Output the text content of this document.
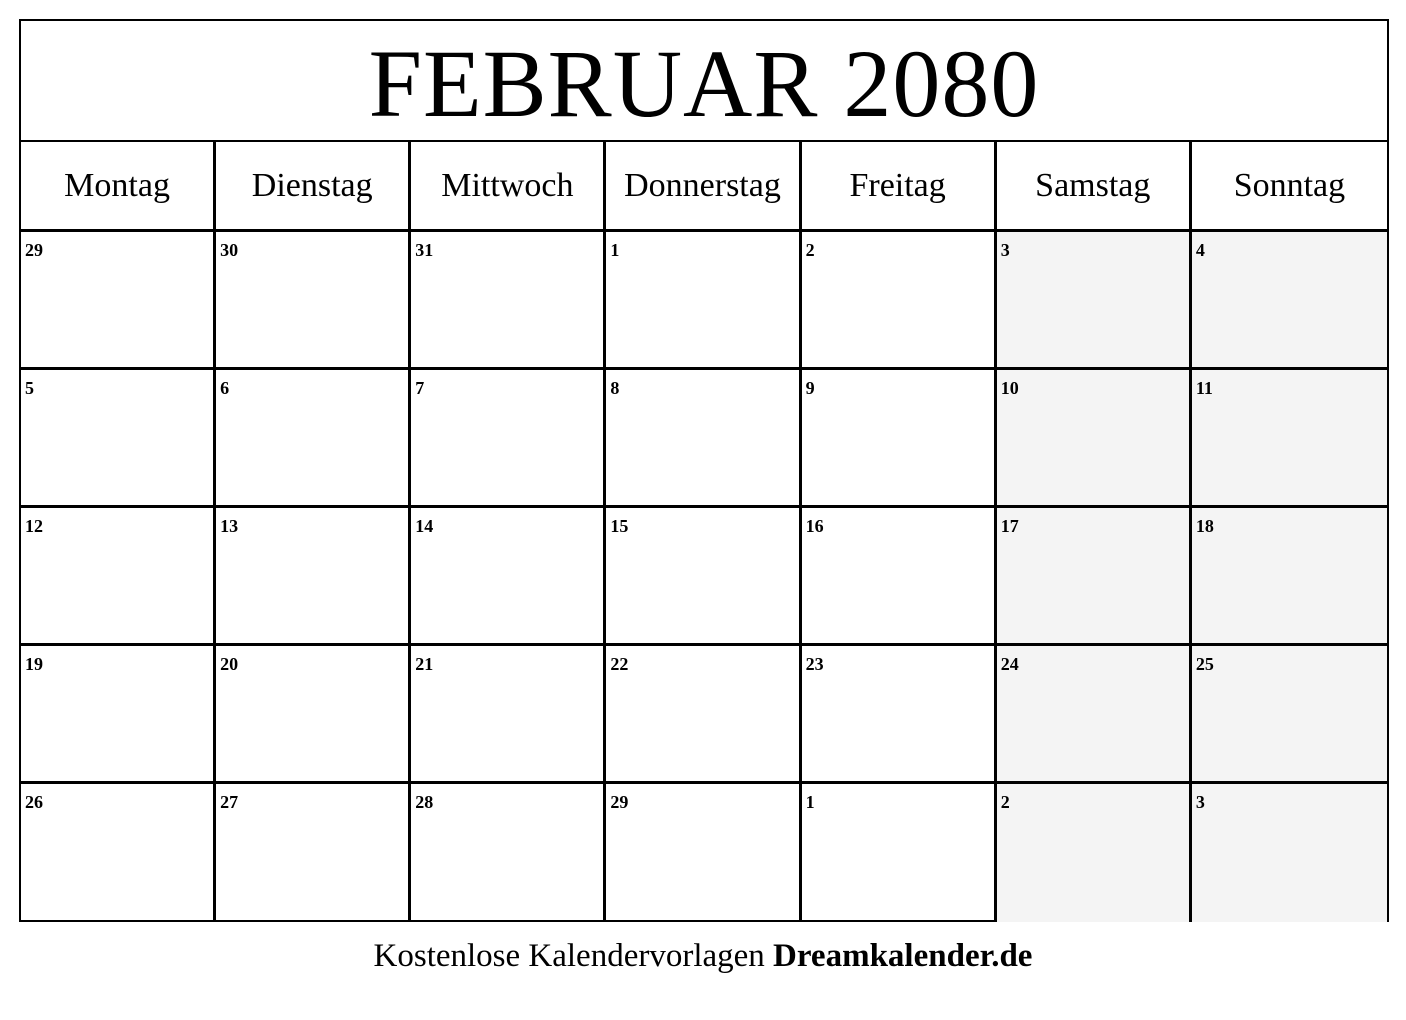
FEBRUAR 2080
Montag	Dienstag	Mittwoch	Donnerstag	Freitag	Samstag	Sonntag
29	30	31	1	2	3	4
5	6	7	8	9	10	11
12	13	14	15	16	17	18
19	20	21	22	23	24	25
26	27	28	29	1	2	3
Kostenlose Kalendervorlagen Dreamkalender.de
